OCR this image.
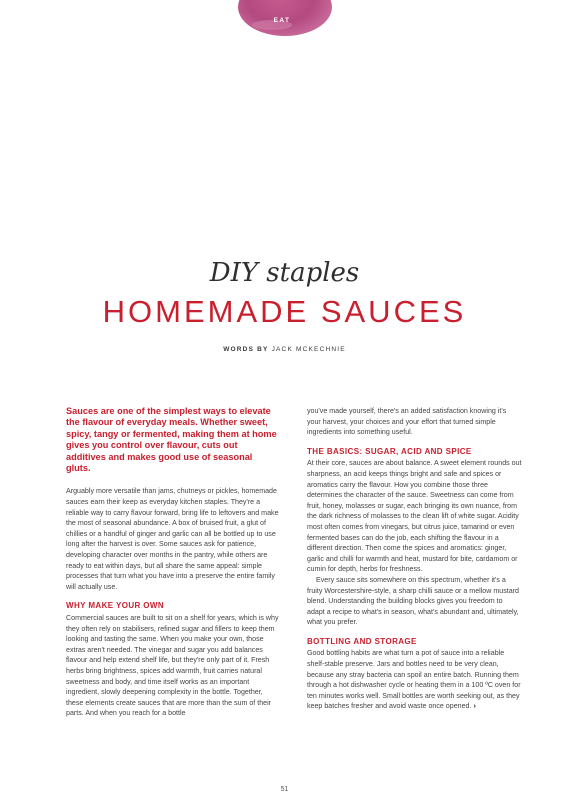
EAT
DIY staples
HOMEMADE SAUCES
WORDS BY JACK MCKECHNIE

Sauces are one of the simplest ways to elevate the flavour of everyday meals. Whether sweet, spicy, tangy or fermented, making them at home gives you control over flavour, cuts out additives and makes good use of seasonal gluts.

Arguably more versatile than jams, chutneys or pickles, homemade sauces earn their keep as everyday kitchen staples. They're a reliable way to carry flavour forward, bring life to leftovers and make the most of seasonal abundance. A box of bruised fruit, a glut of chillies or a handful of ginger and garlic can all be bottled up to use long after the harvest is over. Some sauces ask for patience, developing character over months in the pantry, while others are ready to eat within days, but all share the same appeal: simple processes that turn what you have into a preserve the entire family will actually use.

WHY MAKE YOUR OWN

Commercial sauces are built to sit on a shelf for years, which is why they often rely on stabilisers, refined sugar and fillers to keep them looking and tasting the same. When you make your own, those extras aren't needed. The vinegar and sugar you add balances flavour and help extend shelf life, but they're only part of it. Fresh herbs bring brightness, spices add warmth, fruit carries natural sweetness and body, and time itself works as an important ingredient, slowly deepening complexity in the bottle. Together, these elements create sauces that are more than the sum of their parts. And when you reach for a bottle

you've made yourself, there's an added satisfaction knowing it's your harvest, your choices and your effort that turned simple ingredients into something useful.

THE BASICS: SUGAR, ACID AND SPICE

At their core, sauces are about balance. A sweet element rounds out sharpness, an acid keeps things bright and safe and spices or aromatics carry the flavour. How you combine those three determines the character of the sauce. Sweetness can come from fruit, honey, molasses or sugar, each bringing its own nuance, from the dark richness of molasses to the clean lift of white sugar. Acidity most often comes from vinegars, but citrus juice, tamarind or even fermented bases can do the job, each shifting the flavour in a different direction. Then come the spices and aromatics: ginger, garlic and chilli for warmth and heat, mustard for bite, cardamom or cumin for depth, herbs for freshness.

Every sauce sits somewhere on this spectrum, whether it's a fruity Worcestershire-style, a sharp chilli sauce or a mellow mustard blend. Understanding the building blocks gives you freedom to adapt a recipe to what's in season, what's abundant and, ultimately, what you prefer.

BOTTLING AND STORAGE

Good bottling habits are what turn a pot of sauce into a reliable shelf-stable preserve. Jars and bottles need to be very clean, because any stray bacteria can spoil an entire batch. Running them through a hot dishwasher cycle or heating them in a 100 ºC oven for ten minutes works well. Small bottles are worth seeking out, as they keep batches fresher and avoid waste once opened. ›

51
